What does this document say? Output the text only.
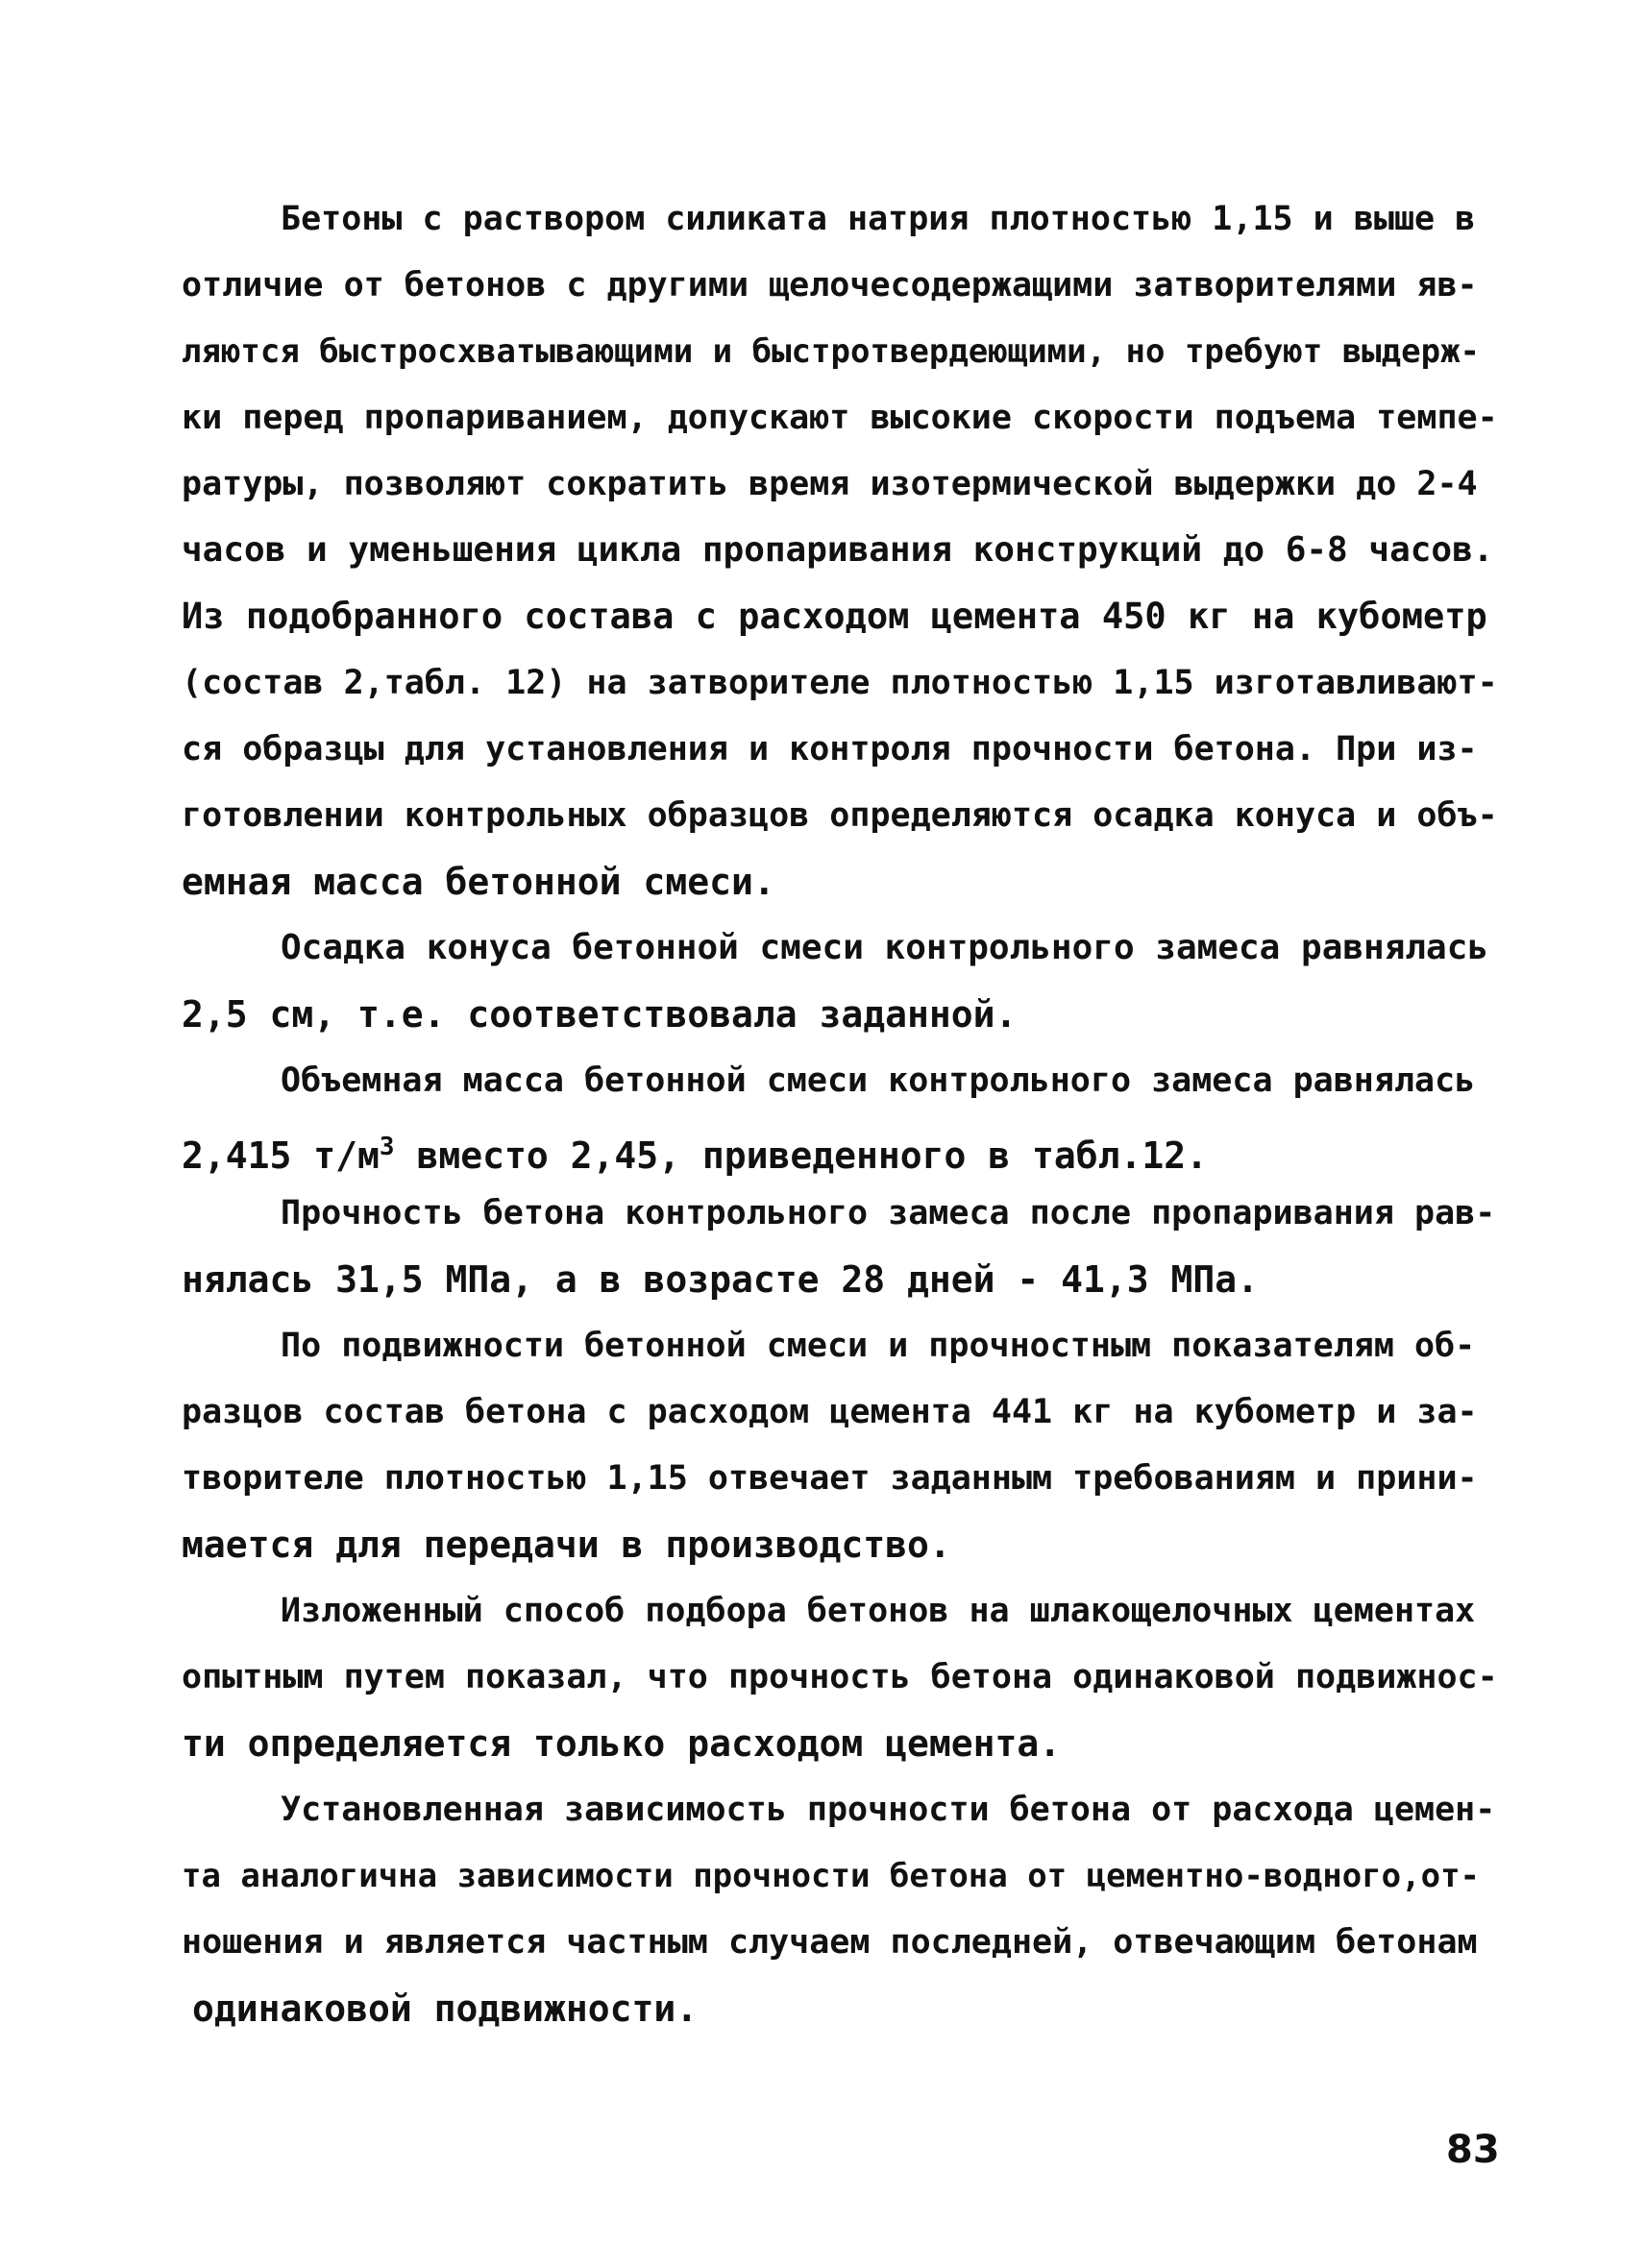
Бетоны с раствором силиката натрия плотностью 1,15 и выше в
отличие от бетонов с другими щелочесодержащими затворителями яв-
ляются быстросхватывающими и быстротвердеющими, но требуют выдерж-
ки перед пропариванием, допускают высокие скорости подъема темпе-
ратуры, позволяют сократить время изотермической выдержки до 2-4
часов и уменьшения цикла пропаривания конструкций до 6-8 часов.
Из подобранного состава с расходом цемента 450 кг на кубометр
(состав 2,табл. 12) на затворителе плотностью 1,15 изготавливают-
ся образцы для установления и контроля прочности бетона. При из-
готовлении контрольных образцов определяются осадка конуса и объ-
емная масса бетонной смеси.
Осадка конуса бетонной смеси контрольного замеса равнялась
2,5 см, т.е. соответствовала заданной.
Объемная масса бетонной смеси контрольного замеса равнялась
2,415 $т/м^3$ вместо 2,45, приведенного в табл.12.
Прочность бетона контрольного замеса после пропаривания рав-
нялась 31,5 МПа, а в возрасте 28 дней - 41,3 МПа.
По подвижности бетонной смеси и прочностным показателям об-
разцов состав бетона с расходом цемента 441 кг на кубометр и за-
творителе плотностью 1,15 отвечает заданным требованиям и прини-
мается для передачи в производство.
Изложенный способ подбора бетонов на шлакощелочных цементах
опытным путем показал, что прочность бетона одинаковой подвижнос-
ти определяется только расходом цемента.
Установленная зависимость прочности бетона от расхода цемен-
та аналогична зависимости прочности бетона от цементно-водного,от-
ношения и является частным случаем последней, отвечающим бетонам
одинаковой подвижности.
83
